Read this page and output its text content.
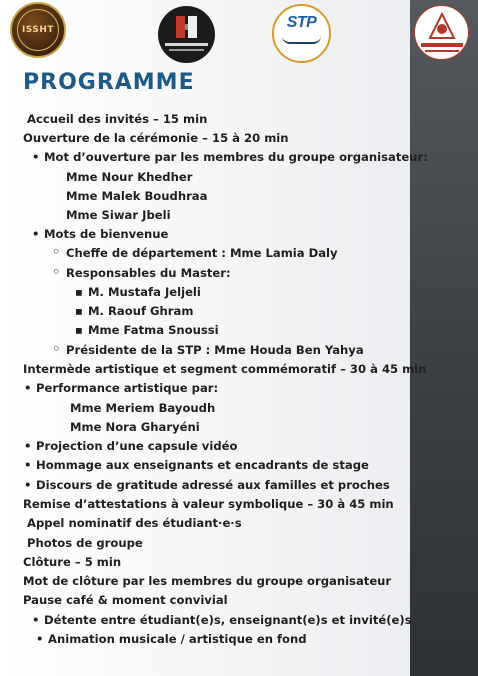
ISSHT	STP
PROGRAMME

Accueil des invités – 15 min

Ouverture de la cérémonie – 15 à 20 min

• Mot d’ouverture par les membres du groupe organisateur:

Mme Nour Khedher

Mme Malek Boudhraa

Mme Siwar Jbeli

• Mots de bienvenue

◦ Cheffe de département : Mme Lamia Daly

◦ Responsables du Master:

▪ M. Mustafa Jeljeli

▪ M. Raouf Ghram

▪ Mme Fatma Snoussi

◦ Présidente de la STP : Mme Houda Ben Yahya

Intermède artistique et segment commémoratif – 30 à 45 min

• Performance artistique par:

Mme Meriem Bayoudh

Mme Nora Gharyéni

• Projection d’une capsule vidéo

• Hommage aux enseignants et encadrants de stage

• Discours de gratitude adressé aux familles et proches

Remise d’attestations à valeur symbolique – 30 à 45 min

Appel nominatif des étudiant·e·s

Photos de groupe

Clôture – 5 min

Mot de clôture par les membres du groupe organisateur

Pause café & moment convivial

• Détente entre étudiant(e)s, enseignant(e)s et invité(e)s

• Animation musicale / artistique en fond
